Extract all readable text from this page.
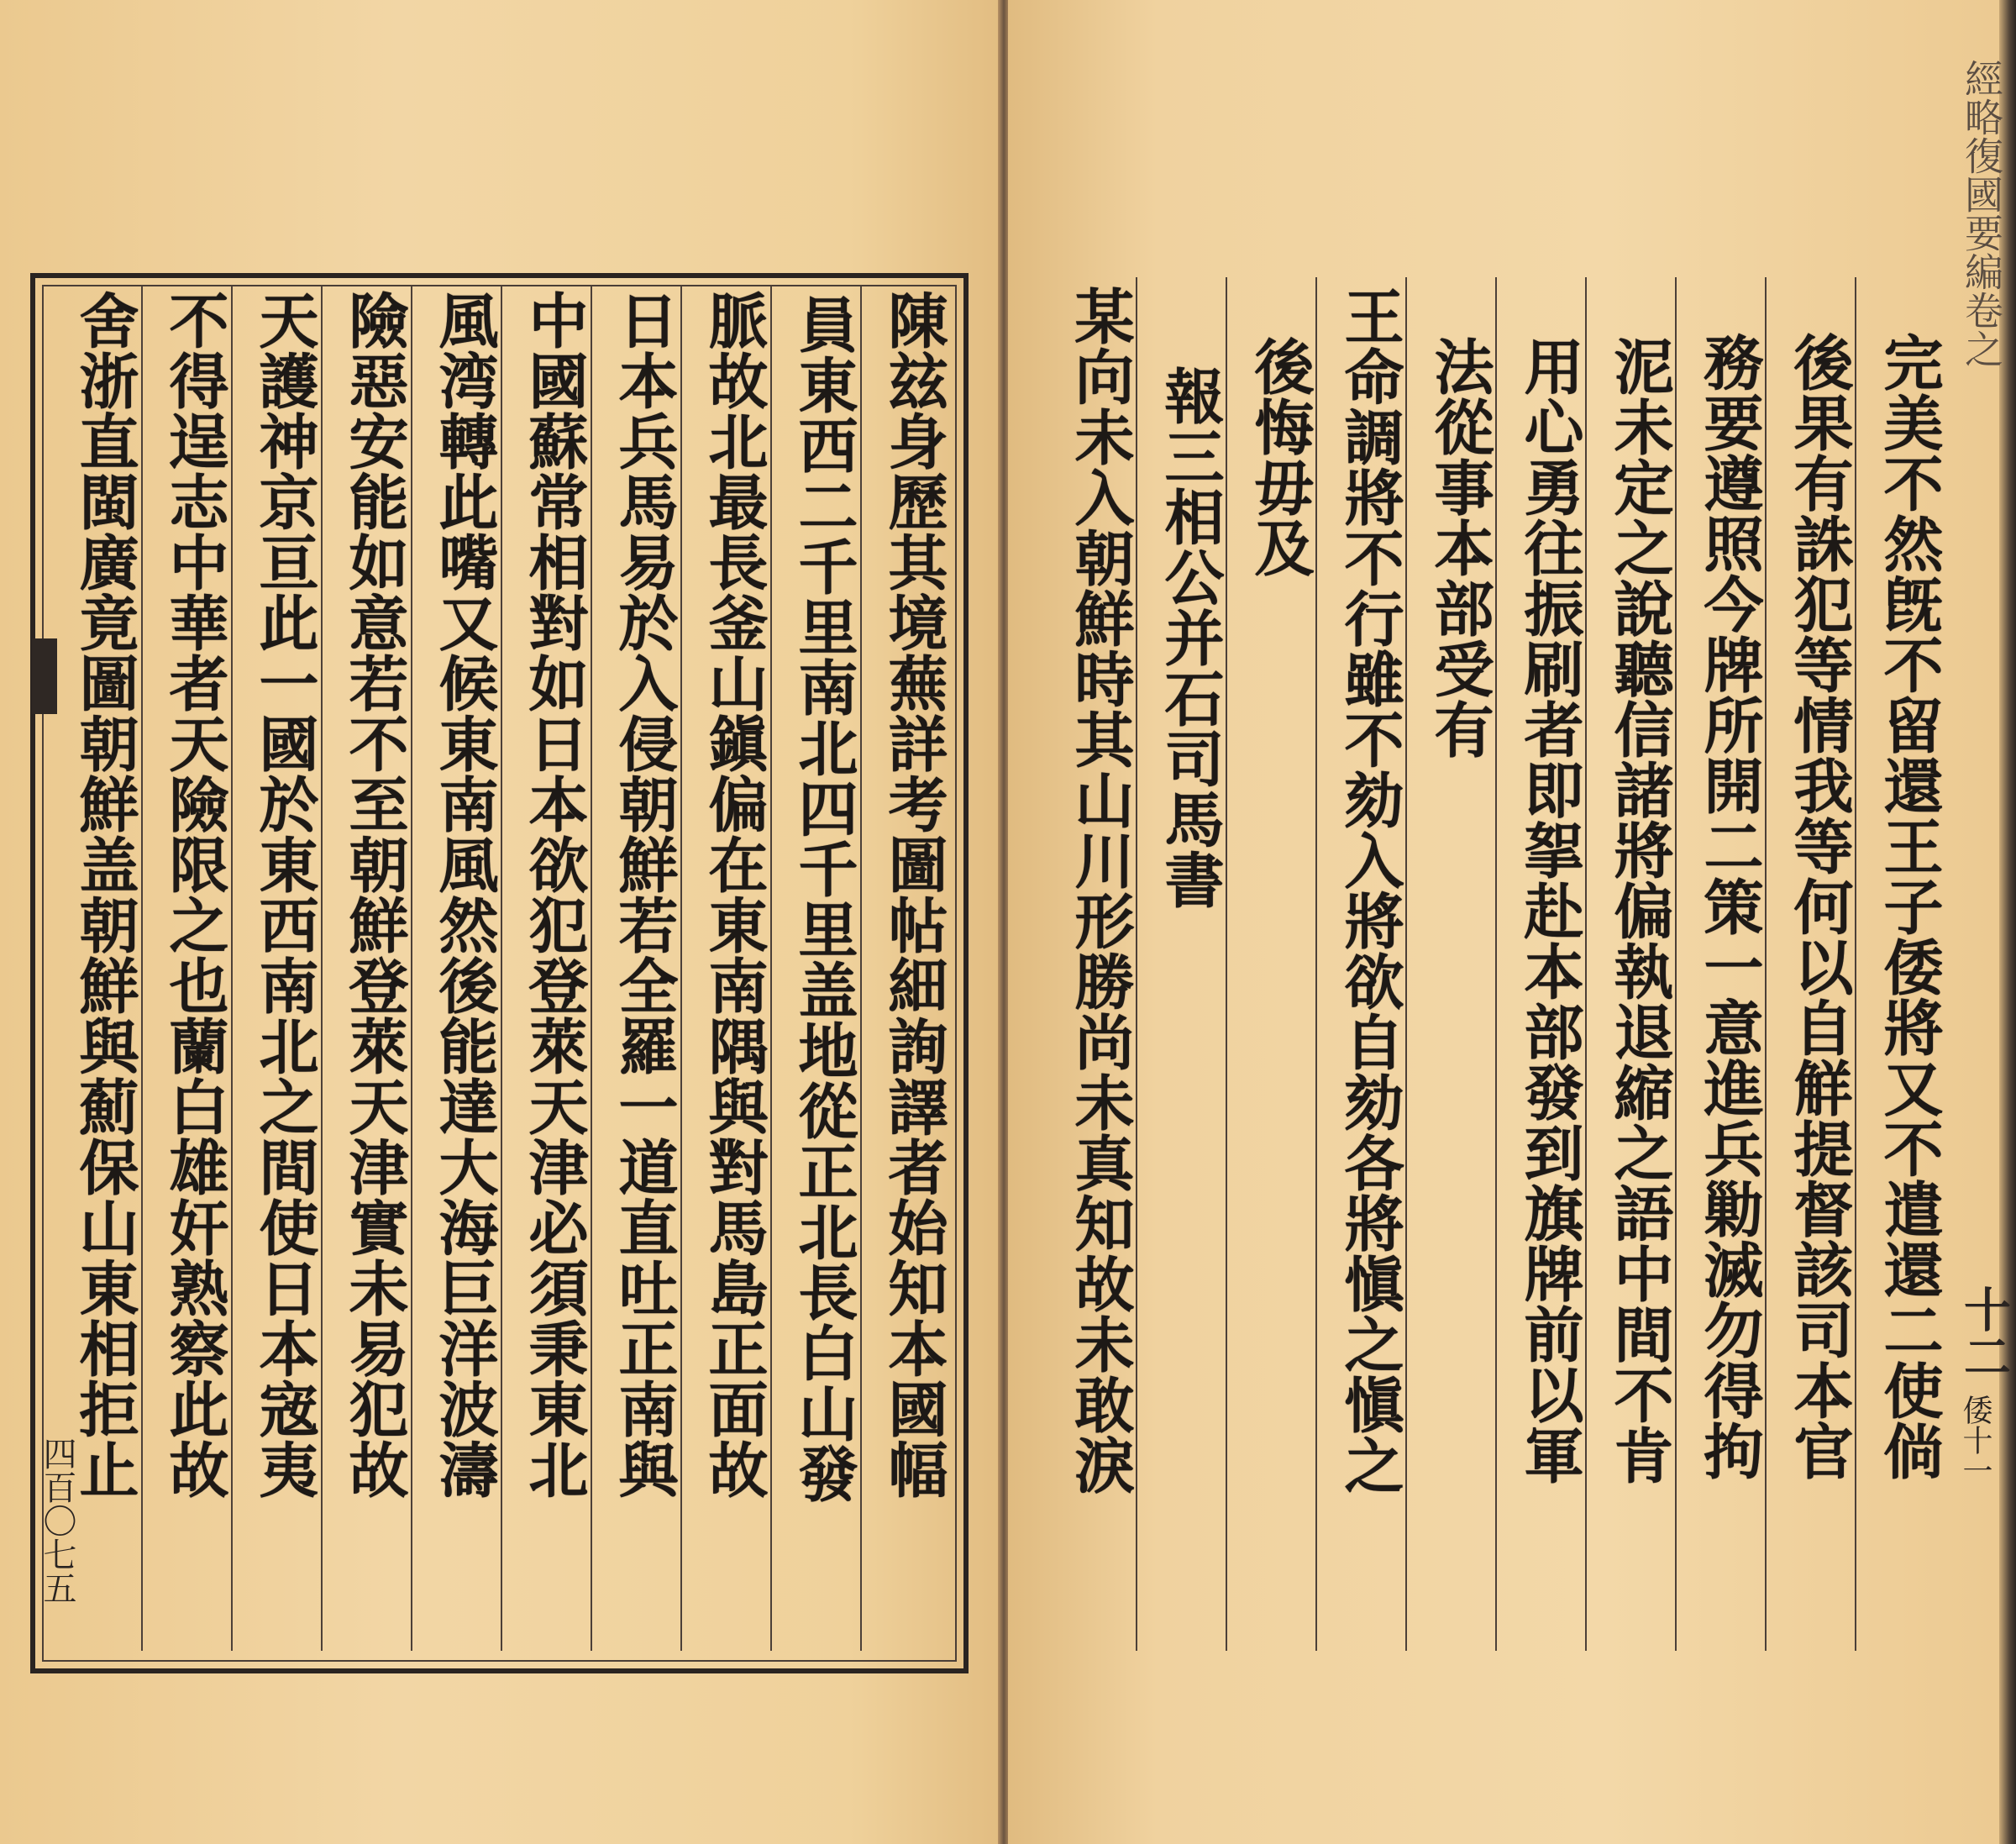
陳玆身歷其境蕪詳考圖帖細詢譯者始知本國幅
員東西二千里南北四千里盖地從正北長白山發
脈故北最長釜山鎭偏在東南隅與對馬島正面故
日本兵馬易於入侵朝鮮若全羅一道直吐正南與
中國蘇常相對如日本欲犯登萊天津必須秉東北
風湾轉此嘴又候東南風然後能達大海巨洋波濤
險惡安能如意若不至朝鮮登萊天津實未易犯故
天護神京亘此一國於東西南北之間使日本宼夷
不得逞志中華者天險限之也蘭白雄奸熟察此故
舍浙直閩廣竟圖朝鮮盖朝鮮與薊保山東相拒止
四百〇七五
完美不然旣不留還王子倭將又不遣還二使倘
後果有誅犯等情我等何以自觧提督該司本官
務要遵照今牌所開二策一意進兵勦滅勿得拘
泥未定之說聽信諸將偏執退縮之語中間不肯
用心勇往振刷者即挐赴本部發到旗牌前以軍
法從事本部受有
王命調將不行雖不劾入將欲自劾各將愼之愼之
後悔毋及
報三相公并石司馬書
某向未入朝鮮時其山川形勝尚未真知故未敢淚
經略復國要編卷之
十二
倭十一
